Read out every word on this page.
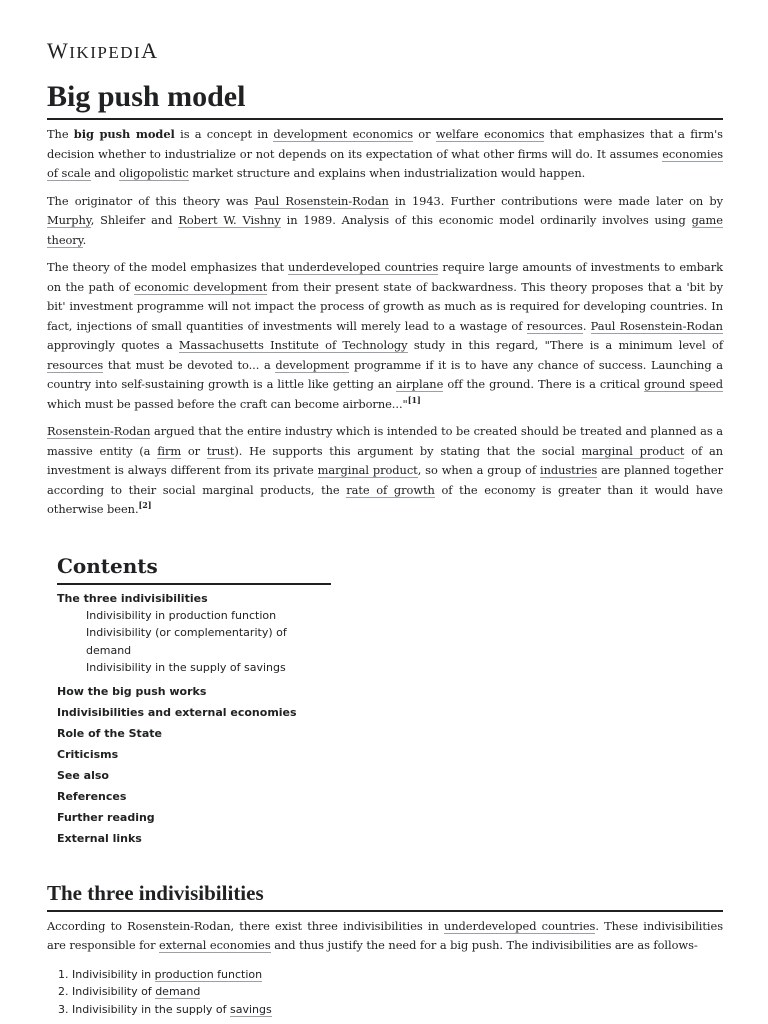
WIKIPEDIA
Big push model

The big push model is a concept in development economics or welfare economics that emphasizes that a firm's decision whether to industrialize or not depends on its expectation of what other firms will do. It assumes economies of scale and oligopolistic market structure and explains when industrialization would happen.

The originator of this theory was Paul Rosenstein-Rodan in 1943. Further contributions were made later on by Murphy, Shleifer and Robert W. Vishny in 1989. Analysis of this economic model ordinarily involves using game theory.

The theory of the model emphasizes that underdeveloped countries require large amounts of investments to embark on the path of economic development from their present state of backwardness. This theory proposes that a 'bit by bit' investment programme will not impact the process of growth as much as is required for developing countries. In fact, injections of small quantities of investments will merely lead to a wastage of resources. Paul Rosenstein-Rodan approvingly quotes a Massachusetts Institute of Technology study in this regard, "There is a minimum level of resources that must be devoted to... a development programme if it is to have any chance of success. Launching a country into self-sustaining growth is a little like getting an airplane off the ground. There is a critical ground speed which must be passed before the craft can become airborne..."[1]

Rosenstein-Rodan argued that the entire industry which is intended to be created should be treated and planned as a massive entity (a firm or trust). He supports this argument by stating that the social marginal product of an investment is always different from its private marginal product, so when a group of industries are planned together according to their social marginal products, the rate of growth of the economy is greater than it would have otherwise been.[2]

Contents
The three indivisibilities
Indivisibility in production function
Indivisibility (or complementarity) of demand
Indivisibility in the supply of savings
How the big push works
Indivisibilities and external economies
Role of the State
Criticisms
See also
References
Further reading
External links
The three indivisibilities

According to Rosenstein-Rodan, there exist three indivisibilities in underdeveloped countries. These indivisibilities are responsible for external economies and thus justify the need for a big push. The indivisibilities are as follows-

1. Indivisibility in production function
2. Indivisibility of demand
3. Indivisibility in the supply of savings
